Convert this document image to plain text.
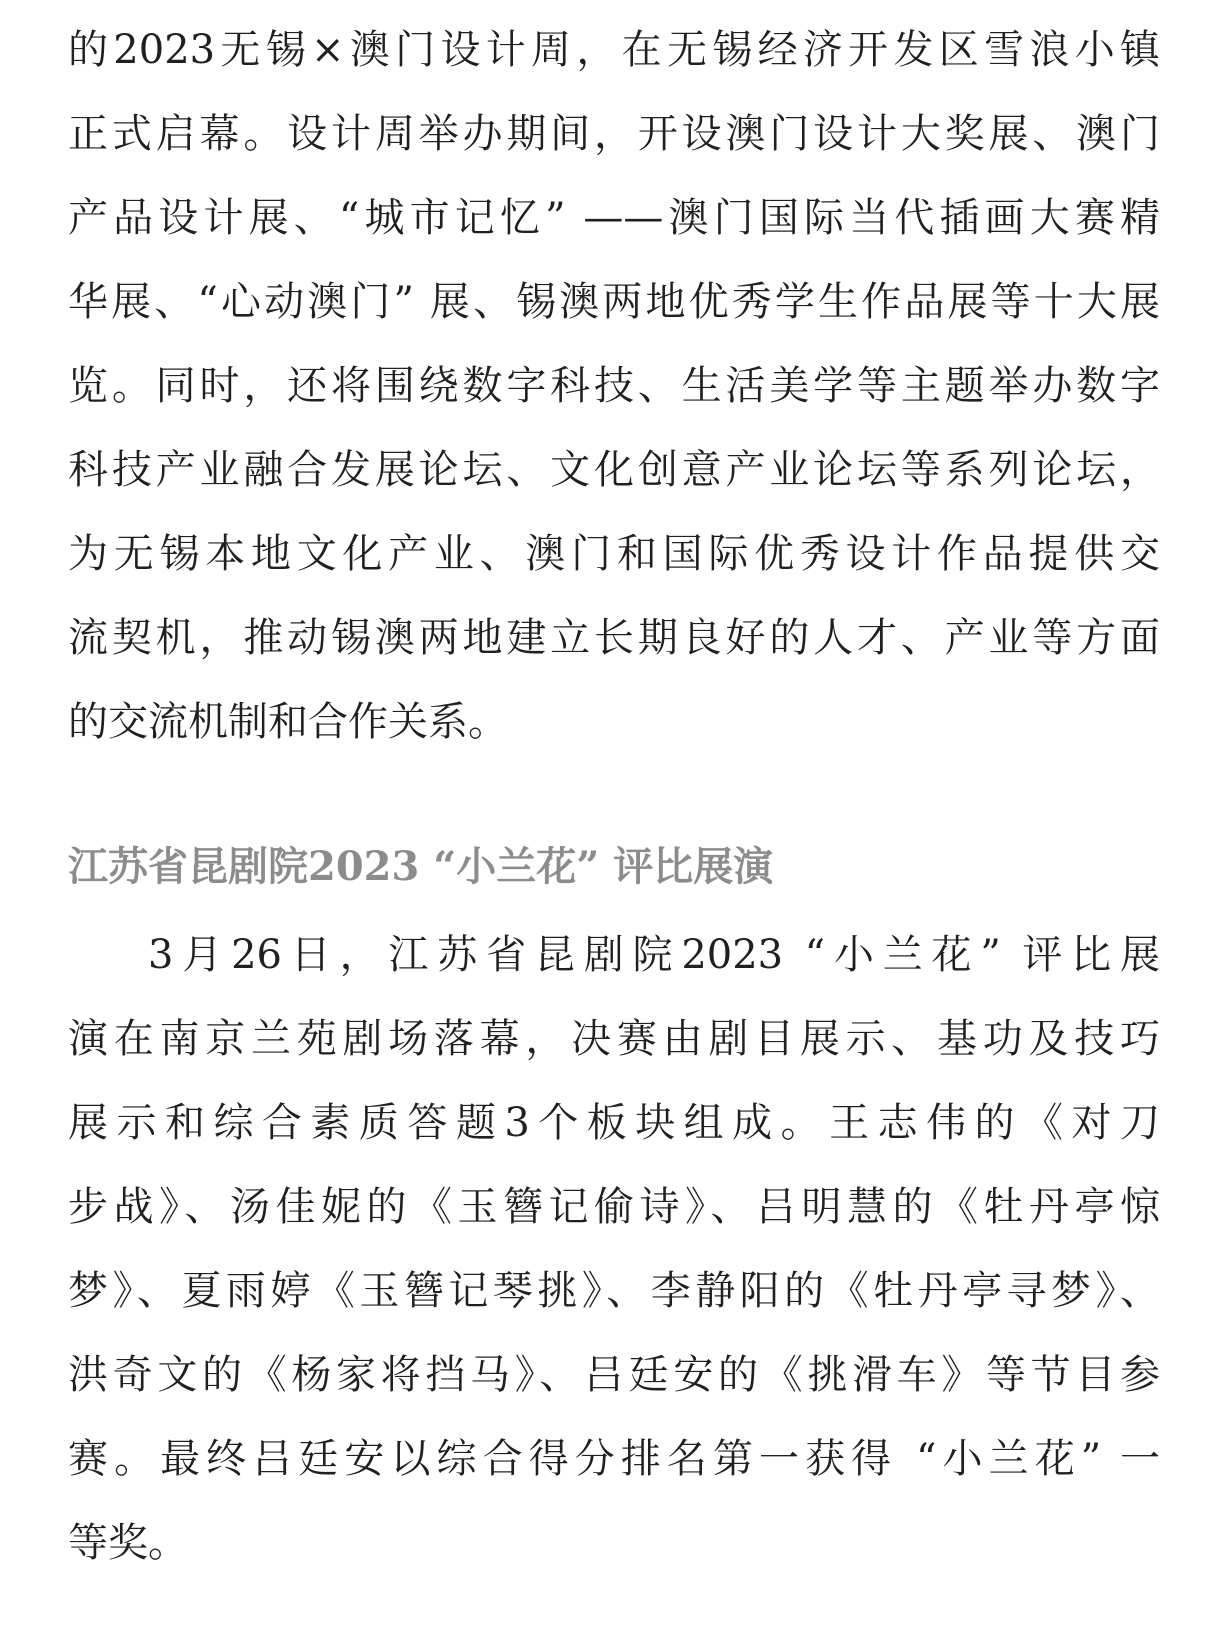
的2023无锡×澳门设计周，在无锡经济开发区雪浪小镇
正式启幕。设计周举办期间，开设澳门设计大奖展、澳门
产品设计展、“城市记忆” ——澳门国际当代插画大赛精
华展、“心动澳门” 展、锡澳两地优秀学生作品展等十大展
览。同时，还将围绕数字科技、生活美学等主题举办数字
科技产业融合发展论坛、文化创意产业论坛等系列论坛，
为无锡本地文化产业、澳门和国际优秀设计作品提供交
流契机，推动锡澳两地建立长期良好的人才、产业等方面
的交流机制和合作关系。
江苏省昆剧院2023 “小兰花” 评比展演
3月26日，江苏省昆剧院2023 “小兰花” 评比展
演在南京兰苑剧场落幕，决赛由剧目展示、基功及技巧
展示和综合素质答题3个板块组成。王志伟的《对刀
步战》、汤佳妮的《玉簪记偷诗》、吕明慧的《牡丹亭惊
梦》、夏雨婷《玉簪记琴挑》、李静阳的《牡丹亭寻梦》、
洪奇文的《杨家将挡马》、吕廷安的《挑滑车》等节目参
赛。最终吕廷安以综合得分排名第一获得 “小兰花” 一
等奖。
